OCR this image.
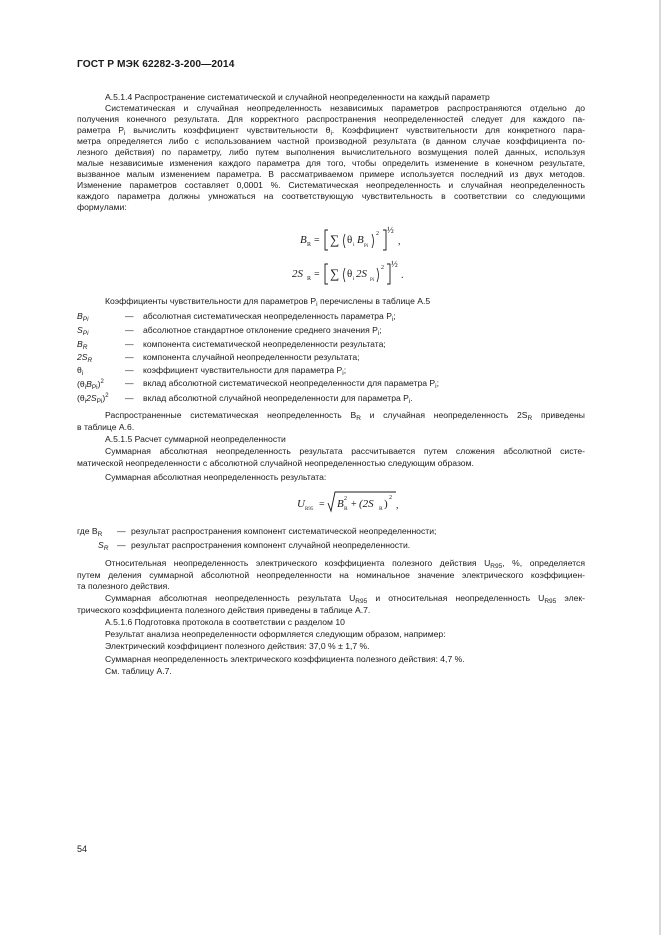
ГОСТ Р МЭК 62282-3-200—2014
А.5.1.4 Распространение систематической и случайной неопределенности на каждый параметр
Систематическая и случайная неопределенность независимых параметров распространяются отдельно до
получения конечного результата. Для корректного распространения неопределенностей следует для каждого па-
раметра $P_i$ вычислить коэффициент чувствительности $\theta_i$. Коэффициент чувствительности для конкретного пара-
метра определяется либо с использованием частной производной результата (в данном случае коэффициента по-
лезного действия) по параметру, либо путем выполнения вычислительного возмущения полей данных, используя
малые независимые изменения каждого параметра для того, чтобы определить изменение в конечном результате,
вызванное малым изменением параметра. В рассматриваемом примере используется последний из двух методов.
Изменение параметров составляет 0,0001 %. Систематическая неопределенность и случайная неопределенность
каждого параметра должны умножаться на соответствующую чувствительность в соответствии со следующими
формулами:
B R = ∑ θ i B
Pi
2 ½
,
2S R = ∑ θ i 2S
Pi
2 ½
.
Коэффициенты чувствительности для параметров $P_i$ перечислены в таблице А.5
$B_{Pi}$	— абсолютная систематическая неопределенность параметра $P_i$;
$S_{Pi}$	— абсолютное стандартное отклонение среднего значения $P_i$;
$B_R$	— компонента систематической неопределенности результата;
$2S_R$	— компонента случайной неопределенности результата;
$\theta_i$	— коэффициент чувствительности для параметра $P_i$;
$(\theta_iB_{Pi})^2$ — вклад абсолютной систематической неопределенности для параметра $P_i$;
$(\theta_i2S_{Pi})^2$ — вклад абсолютной случайной неопределенности для параметра $P_i$.
Распространенные систематическая неопределенность $B_R$ и случайная неопределенность $2S_R$ приведены
в таблице А.6.
А.5.1.5 Расчет суммарной неопределенности
Суммарная абсолютная неопределенность результата рассчитывается путем сложения абсолютной систе-
матической неопределенности с абсолютной случайной неопределенностью следующим образом.
Суммарная абсолютная неопределенность результата:
U R95 = B R
2 + (2S R ) 2
,
где $B_R$ — результат распространения компонент систематической неопределенности;
$S_R$ — результат распространения компонент случайной неопределенности.
Относительная неопределенность электрического коэффициента полезного действия $U_{R95}$, %, определяется
путем деления суммарной абсолютной неопределенности на номинальное значение электрического коэффициен-
та полезного действия.
Суммарная абсолютная неопределенность результата $U_{R95}$ и относительная неопределенность $U_{R95}$ элек-
трического коэффициента полезного действия приведены в таблице А.7.
А.5.1.6 Подготовка протокола в соответствии с разделом 10
Результат анализа неопределенности оформляется следующим образом, например:
Электрический коэффициент полезного действия: 37,0 % ± 1,7 %.
Суммарная неопределенность электрического коэффициента полезного действия: 4,7 %.
См. таблицу А.7.
54
